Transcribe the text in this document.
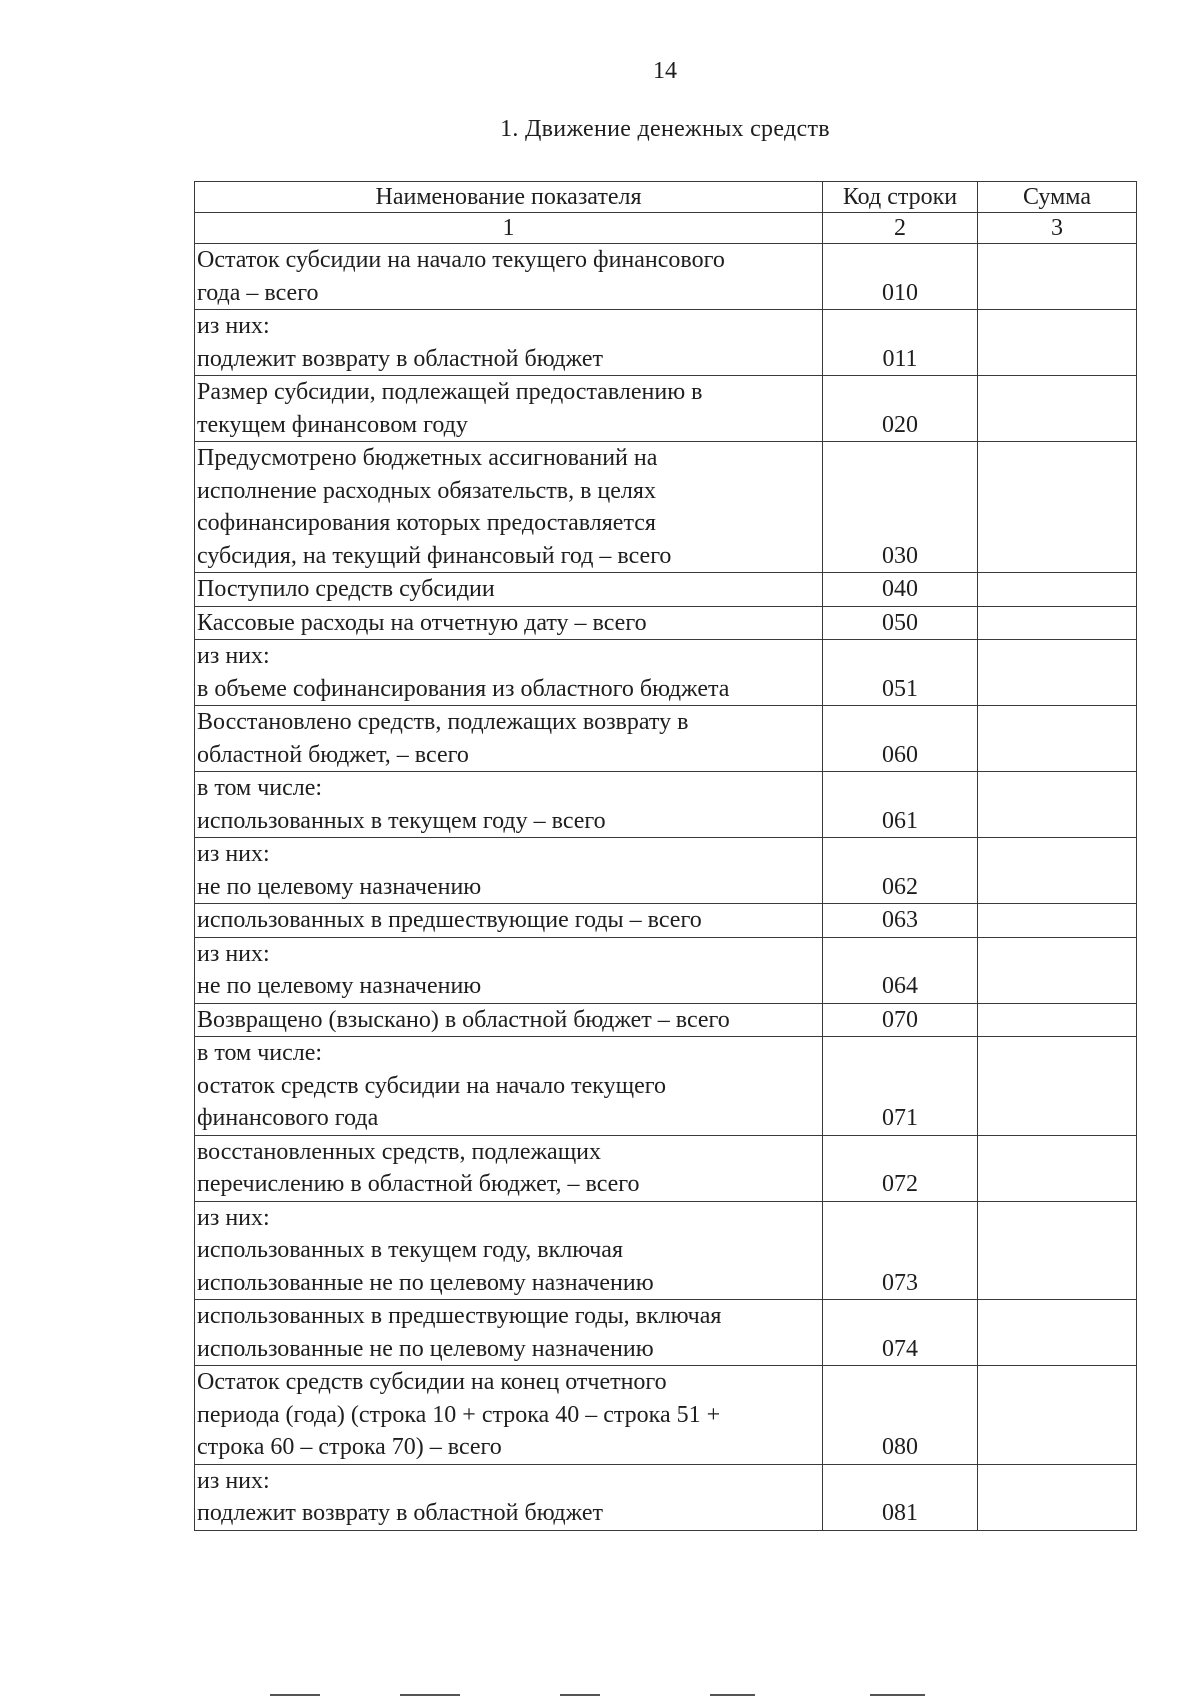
14
1. Движение денежных средств
Наименование показателя	Код строки	Сумма
1	2	3

Остаток субсидии на начало текущего финансового
года – всего	010	

из них:
подлежит возврату в областной бюджет	011	

Размер субсидии, подлежащей предоставлению в
текущем финансовом году	020	

Предусмотрено бюджетных ассигнований на
исполнение расходных обязательств, в целях
софинансирования которых предоставляется
субсидия, на текущий финансовый год – всего	030	

Поступило средств субсидии	040	

Кассовые расходы на отчетную дату – всего	050	

из них:
в объеме софинансирования из областного бюджета	051	

Восстановлено средств, подлежащих возврату в
областной бюджет, – всего	060	

в том числе:
использованных в текущем году – всего	061	

из них:
не по целевому назначению	062	

использованных в предшествующие годы – всего	063	

из них:
не по целевому назначению	064	

Возвращено (взыскано) в областной бюджет – всего	070	

в том числе:
остаток средств субсидии на начало текущего
финансового года	071	

восстановленных средств, подлежащих
перечислению в областной бюджет, – всего	072	

из них:
использованных в текущем году, включая
использованные не по целевому назначению	073	

использованных в предшествующие годы, включая
использованные не по целевому назначению	074	

Остаток средств субсидии на конец отчетного
периода (года) (строка 10 + строка 40 – строка 51 +
строка 60 – строка 70) – всего	080	

из них:
подлежит возврату в областной бюджет	081	
